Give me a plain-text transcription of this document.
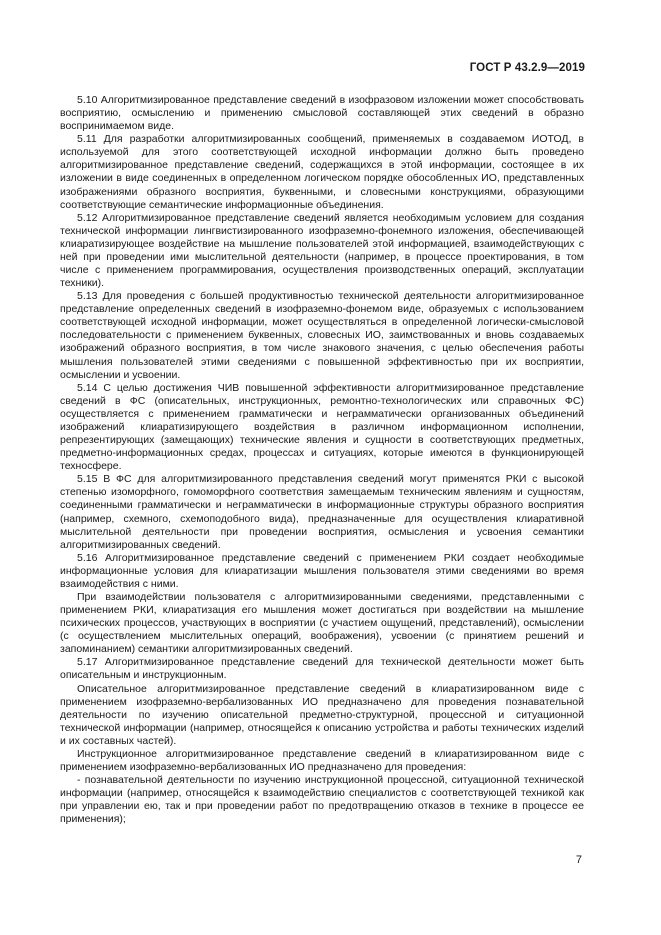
ГОСТ Р 43.2.9—2019

5.10 Алгоритмизированное представление сведений в изофразовом изложении может способствовать восприятию, осмыслению и применению смысловой составляющей этих сведений в образно воспринимаемом виде.

5.11 Для разработки алгоритмизированных сообщений, применяемых в создаваемом ИОТОД, в используемой для этого соответствующей исходной информации должно быть проведено алгоритмизированное представление сведений, содержащихся в этой информации, состоящее в их изложении в виде соединенных в определенном логическом порядке обособленных ИО, представленных изображениями образного восприятия, буквенными, и словесными конструкциями, образующими соответствующие семантические информационные объединения.

5.12 Алгоритмизированное представление сведений является необходимым условием для создания технической информации лингвистизированного изофраземно-фонемного изложения, обеспечивающей клиаратизирующее воздействие на мышление пользователей этой информацией, взаимодействующих с ней при проведении ими мыслительной деятельности (например, в процессе проектирования, в том числе с применением программирования, осуществления производственных операций, эксплуатации техники).

5.13 Для проведения с большей продуктивностью технической деятельности алгоритмизированное представление определенных сведений в изофраземно-фонемом виде, образуемых с использованием соответствующей исходной информации, может осуществляться в определенной логически-смысловой последовательности с применением буквенных, словесных ИО, заимствованных и вновь создаваемых изображений образного восприятия, в том числе знакового значения, с целью обеспечения работы мышления пользователей этими сведениями с повышенной эффективностью при их восприятии, осмыслении и усвоении.

5.14 С целью достижения ЧИВ повышенной эффективности алгоритмизированное представление сведений в ФС (описательных, инструкционных, ремонтно-технологических или справочных ФС) осуществляется с применением грамматически и неграмматически организованных объединений изображений клиаратизирующего воздействия в различном информационном исполнении, репрезентирующих (замещающих) технические явления и сущности в соответствующих предметных, предметно-информационных средах, процессах и ситуациях, которые имеются в функционирующей техносфере.

5.15 В ФС для алгоритмизированного представления сведений могут применятся РКИ с высокой степенью изоморфного, гомоморфного соответствия замещаемым техническим явлениям и сущностям, соединенными грамматически и неграмматически в информационные структуры образного восприятия (например, схемного, схемоподобного вида), предназначенные для осуществления клиаративной мыслительной деятельности при проведении восприятия, осмысления и усвоения семантики алгоритмизированных сведений.

5.16 Алгоритмизированное представление сведений с применением РКИ создает необходимые информационные условия для клиаратизации мышления пользователя этими сведениями во время взаимодействия с ними.

При взаимодействии пользователя с алгоритмизированными сведениями, представленными с применением РКИ, клиаратизация его мышления может достигаться при воздействии на мышление психических процессов, участвующих в восприятии (с участием ощущений, представлений), осмыслении (с осуществлением мыслительных операций, воображения), усвоении (с принятием решений и запоминанием) семантики алгоритмизированных сведений.

5.17 Алгоритмизированное представление сведений для технической деятельности может быть описательным и инструкционным.

Описательное алгоритмизированное представление сведений в клиаратизированном виде с применением изофраземно-вербализованных ИО предназначено для проведения познавательной деятельности по изучению описательной предметно-структурной, процессной и ситуационной технической информации (например, относящейся к описанию устройства и работы технических изделий и их составных частей).

Инструкционное алгоритмизированное представление сведений в клиаратизированном виде с применением изофраземно-вербализованных ИО предназначено для проведения:

- познавательной деятельности по изучению инструкционной процессной, ситуационной технической информации (например, относящейся к взаимодействию специалистов с соответствующей техникой как при управлении ею, так и при проведении работ по предотвращению отказов в технике в процессе ее применения);

7
